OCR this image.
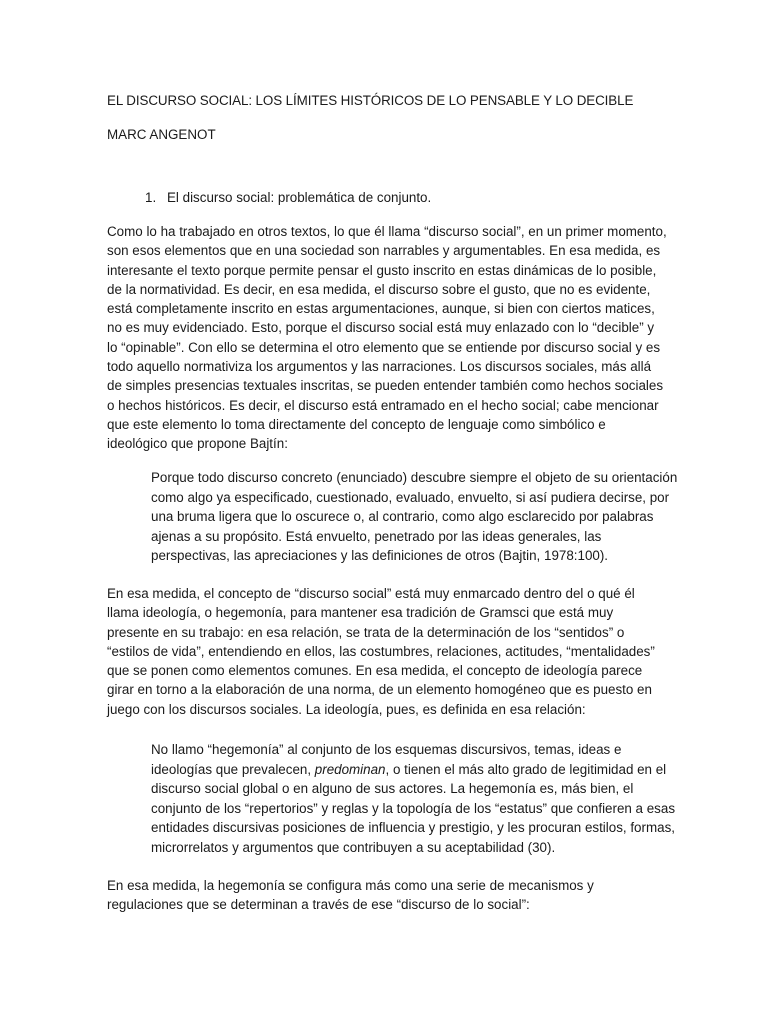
EL DISCURSO SOCIAL: LOS LÍMITES HISTÓRICOS DE LO PENSABLE Y LO DECIBLE
MARC ANGENOT
1. El discurso social: problemática de conjunto.

Como lo ha trabajado en otros textos, lo que él llama “discurso social”, en un primer momento, son esos elementos que en una sociedad son narrables y argumentables. En esa medida, es interesante el texto porque permite pensar el gusto inscrito en estas dinámicas de lo posible, de la normatividad. Es decir, en esa medida, el discurso sobre el gusto, que no es evidente, está completamente inscrito en estas argumentaciones, aunque, si bien con ciertos matices, no es muy evidenciado. Esto, porque el discurso social está muy enlazado con lo “decible” y lo “opinable”. Con ello se determina el otro elemento que se entiende por discurso social y es todo aquello normativiza los argumentos y las narraciones. Los discursos sociales, más allá de simples presencias textuales inscritas, se pueden entender también como hechos sociales o hechos históricos. Es decir, el discurso está entramado en el hecho social; cabe mencionar que este elemento lo toma directamente del concepto de lenguaje como simbólico e ideológico que propone Bajtín:

Porque todo discurso concreto (enunciado) descubre siempre el objeto de su orientación como algo ya especificado, cuestionado, evaluado, envuelto, si así pudiera decirse, por una bruma ligera que lo oscurece o, al contrario, como algo esclarecido por palabras ajenas a su propósito. Está envuelto, penetrado por las ideas generales, las perspectivas, las apreciaciones y las definiciones de otros (Bajtin, 1978:100).

En esa medida, el concepto de “discurso social” está muy enmarcado dentro del o qué él llama ideología, o hegemonía, para mantener esa tradición de Gramsci que está muy presente en su trabajo: en esa relación, se trata de la determinación de los “sentidos” o “estilos de vida”, entendiendo en ellos, las costumbres, relaciones, actitudes, “mentalidades” que se ponen como elementos comunes. En esa medida, el concepto de ideología parece girar en torno a la elaboración de una norma, de un elemento homogéneo que es puesto en juego con los discursos sociales. La ideología, pues, es definida en esa relación:

No llamo “hegemonía” al conjunto de los esquemas discursivos, temas, ideas e ideologías que prevalecen, predominan, o tienen el más alto grado de legitimidad en el discurso social global o en alguno de sus actores. La hegemonía es, más bien, el conjunto de los “repertorios” y reglas y la topología de los “estatus” que confieren a esas entidades discursivas posiciones de influencia y prestigio, y les procuran estilos, formas, microrrelatos y argumentos que contribuyen a su aceptabilidad (30).

En esa medida, la hegemonía se configura más como una serie de mecanismos y regulaciones que se determinan a través de ese “discurso de lo social”:
